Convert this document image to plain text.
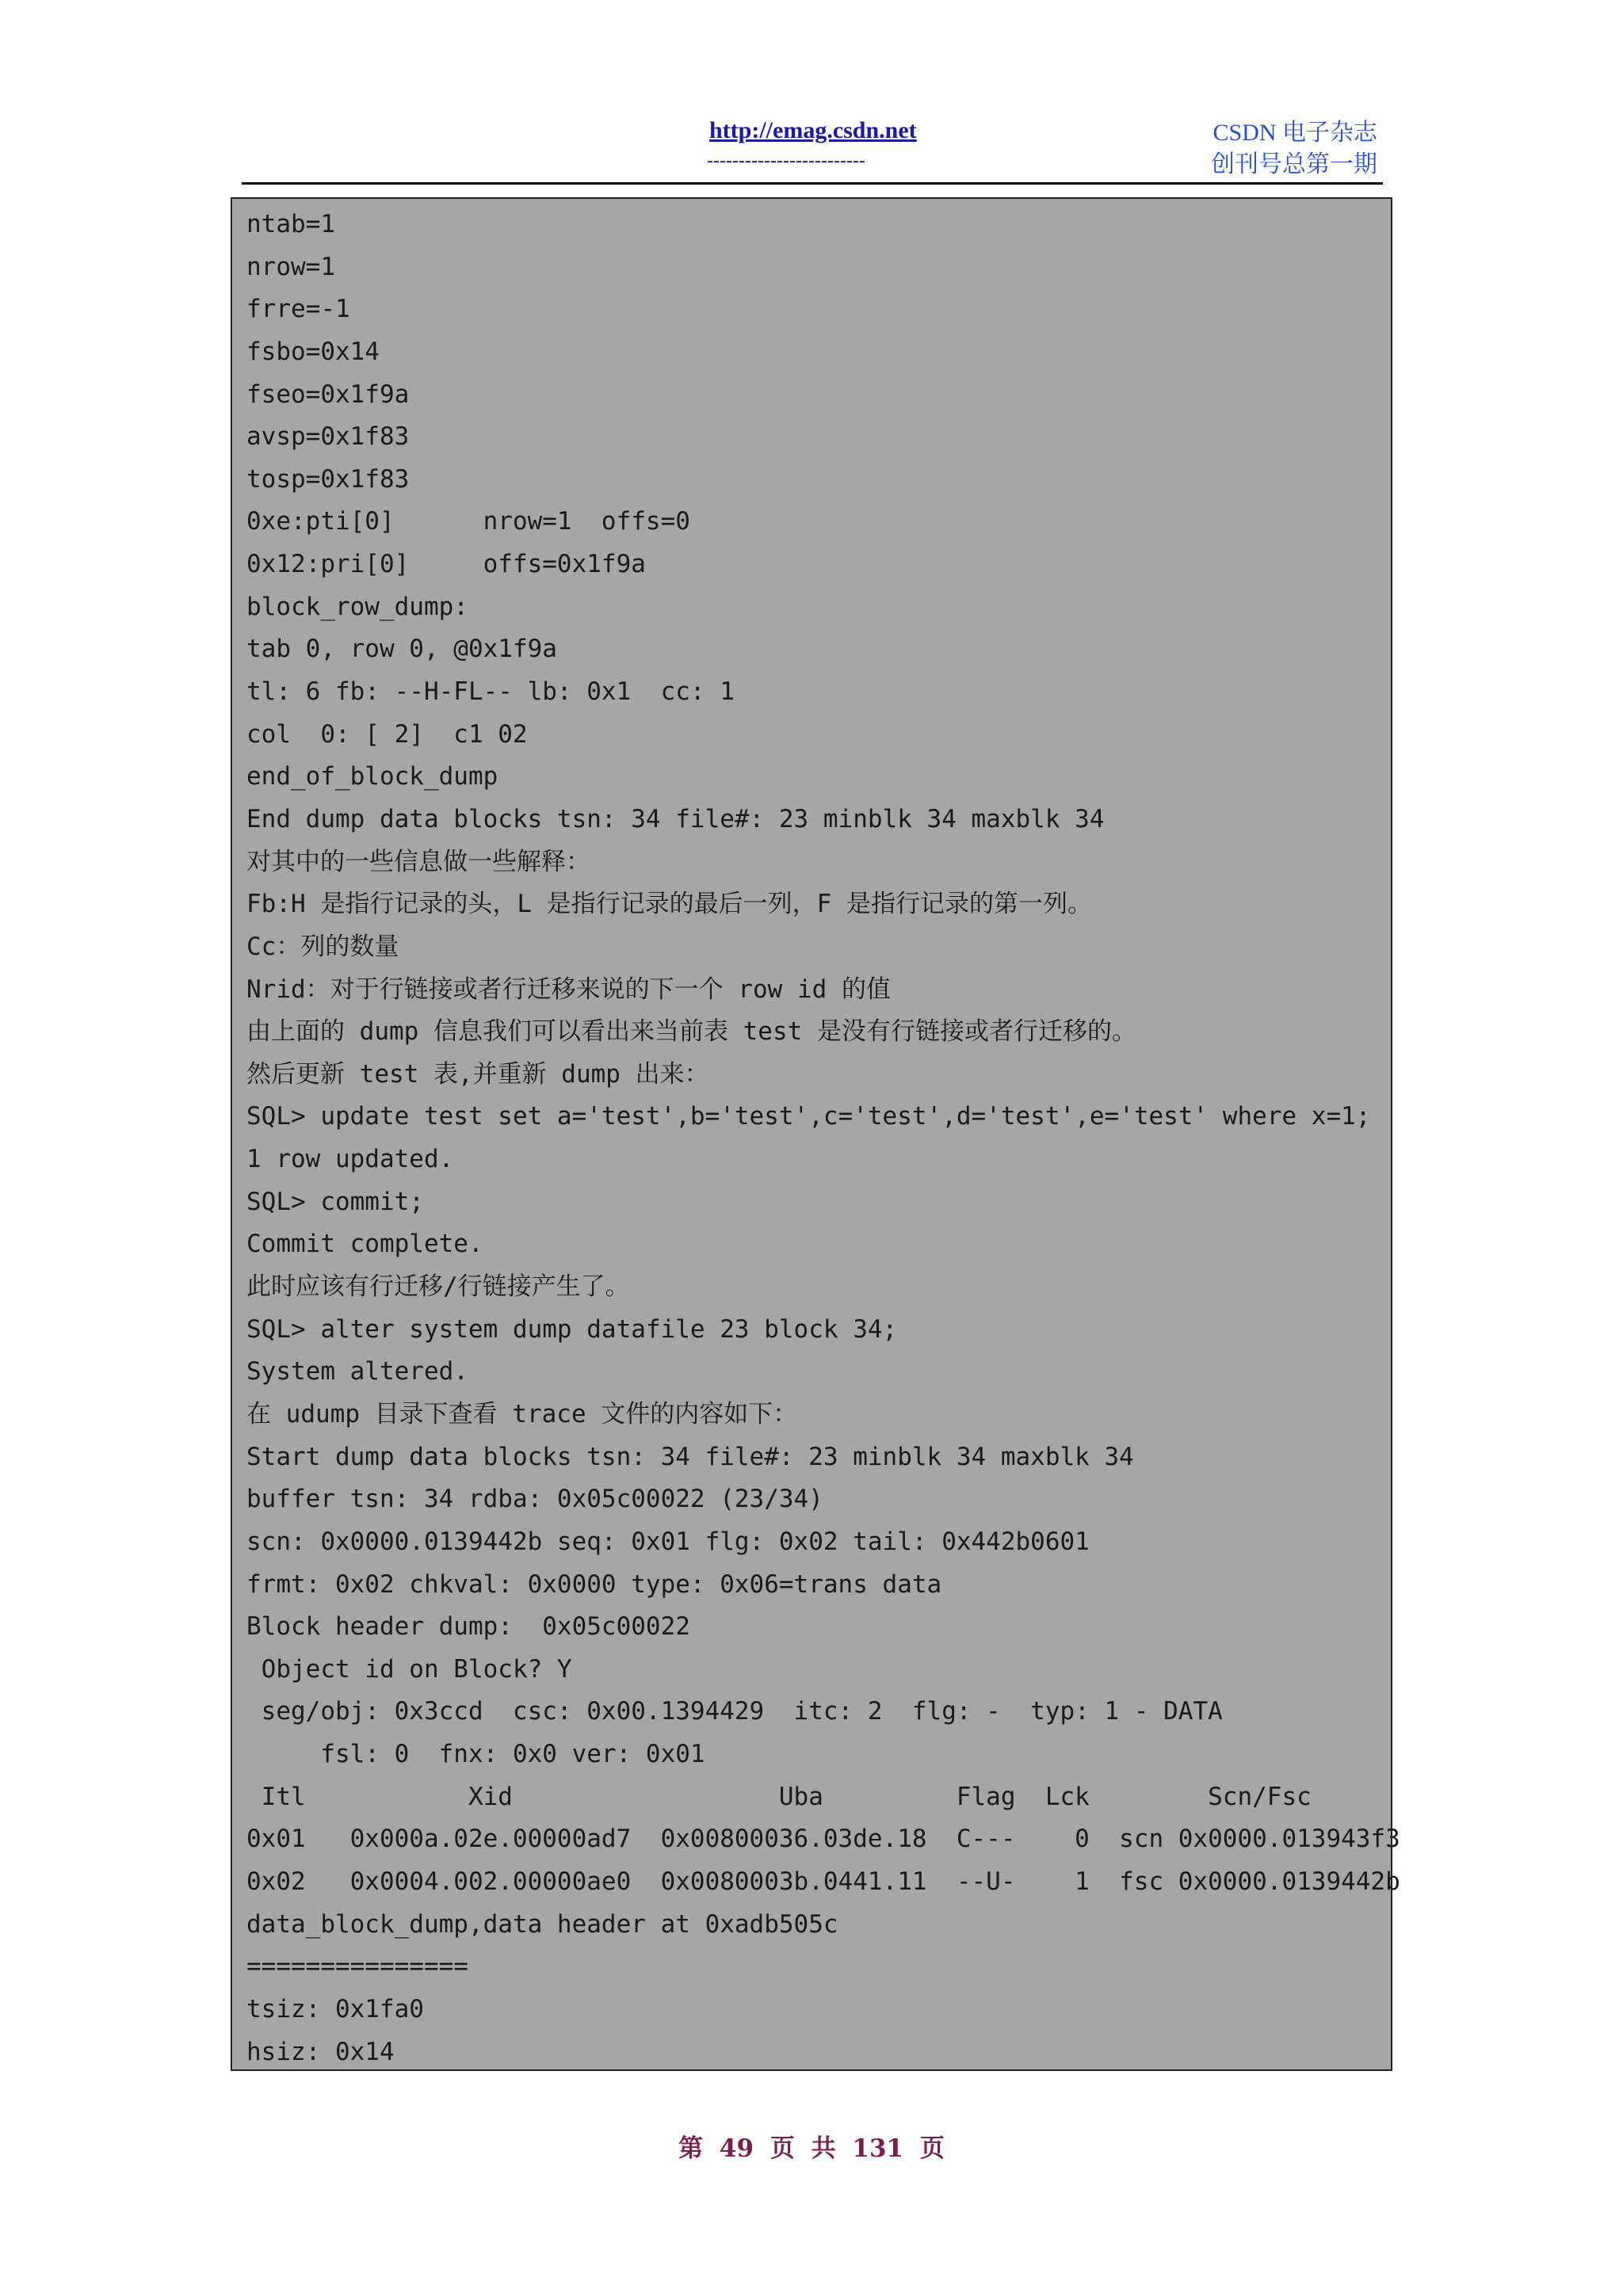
http://emag.csdn.net
-------------------------
CSDN 电子杂志
创刊号总第一期
ntab=1
nrow=1
frre=-1
fsbo=0x14
fseo=0x1f9a
avsp=0x1f83
tosp=0x1f83
0xe:pti[0]      nrow=1  offs=0
0x12:pri[0]     offs=0x1f9a
block_row_dump:
tab 0, row 0, @0x1f9a
tl: 6 fb: --H-FL-- lb: 0x1  cc: 1
col  0: [ 2]  c1 02
end_of_block_dump
End dump data blocks tsn: 34 file#: 23 minblk 34 maxblk 34
对其中的一些信息做一些解释：
Fb:H 是指行记录的头，L 是指行记录的最后一列，F 是指行记录的第一列。
Cc：列的数量
Nrid：对于行链接或者行迁移来说的下一个 row id 的值
由上面的 dump 信息我们可以看出来当前表 test 是没有行链接或者行迁移的。
然后更新 test 表,并重新 dump 出来：
SQL> update test set a='test',b='test',c='test',d='test',e='test' where x=1;
1 row updated.
SQL> commit;
Commit complete.
此时应该有行迁移/行链接产生了。
SQL> alter system dump datafile 23 block 34;
System altered.
在 udump 目录下查看 trace 文件的内容如下：
Start dump data blocks tsn: 34 file#: 23 minblk 34 maxblk 34
buffer tsn: 34 rdba: 0x05c00022 (23/34)
scn: 0x0000.0139442b seq: 0x01 flg: 0x02 tail: 0x442b0601
frmt: 0x02 chkval: 0x0000 type: 0x06=trans data
Block header dump:  0x05c00022
Object id on Block? Y
seg/obj: 0x3ccd  csc: 0x00.1394429  itc: 2  flg: -  typ: 1 - DATA
fsl: 0  fnx: 0x0 ver: 0x01
Itl           Xid                  Uba         Flag  Lck        Scn/Fsc
0x01   0x000a.02e.00000ad7  0x00800036.03de.18  C---    0  scn 0x0000.013943f3
0x02   0x0004.002.00000ae0  0x0080003b.0441.11  --U-    1  fsc 0x0000.0139442b
data_block_dump,data header at 0xadb505c
===============
tsiz: 0x1fa0
hsiz: 0x14
第 49 页 共 131 页
